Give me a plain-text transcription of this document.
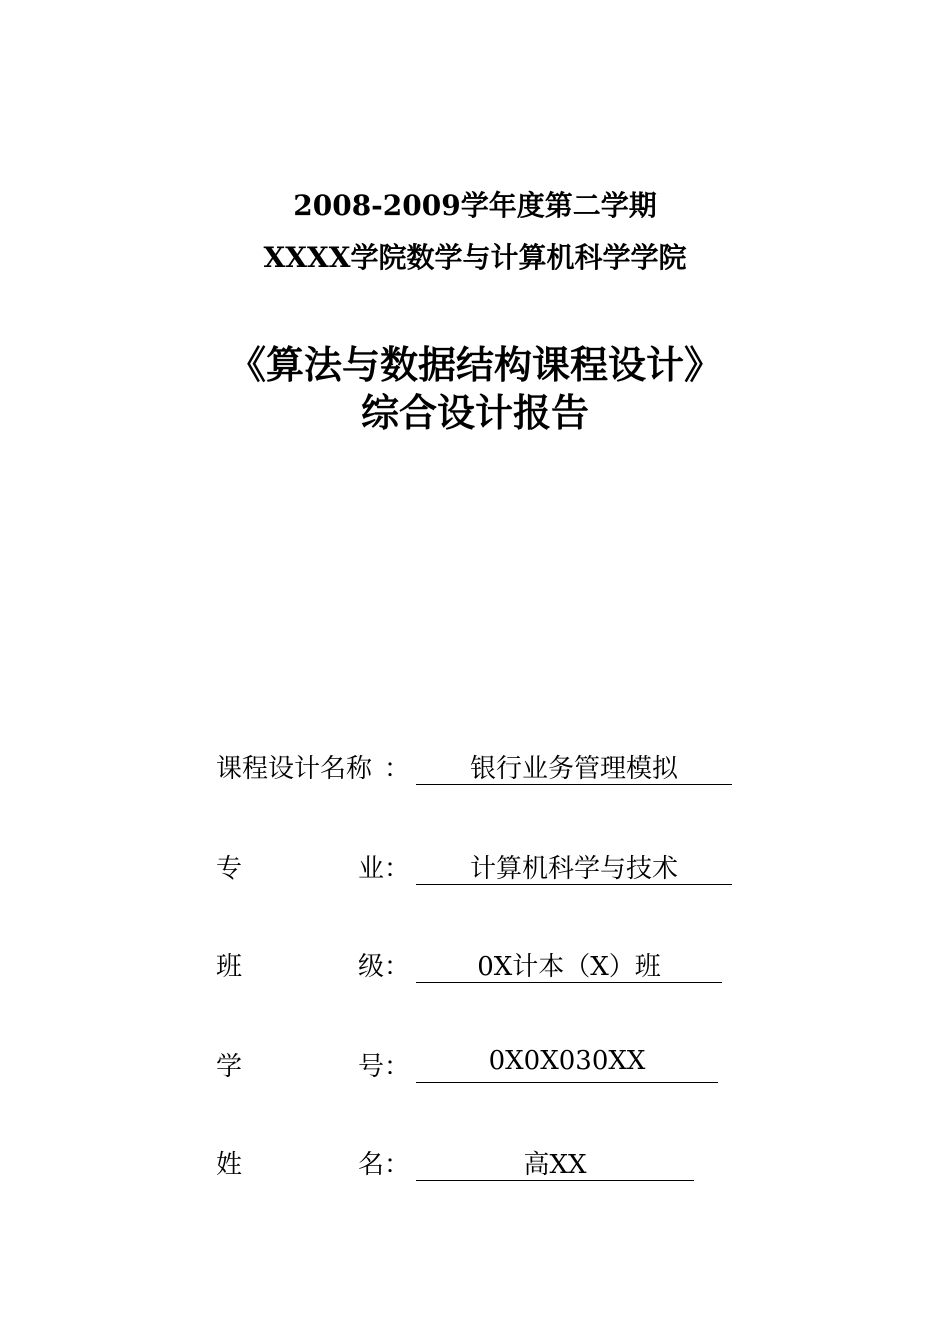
2008-2009学年度第二学期
XXXX学院数学与计算机科学学院
《算法与数据结构课程设计》
综合设计报告
课程设计名称 ：	银行业务管理模拟
专	业 ：	计算机科学与技术
班	级 ：	0X计本（X）班
学	号 ：	0X0X030XX
姓	名 ：	高XX
